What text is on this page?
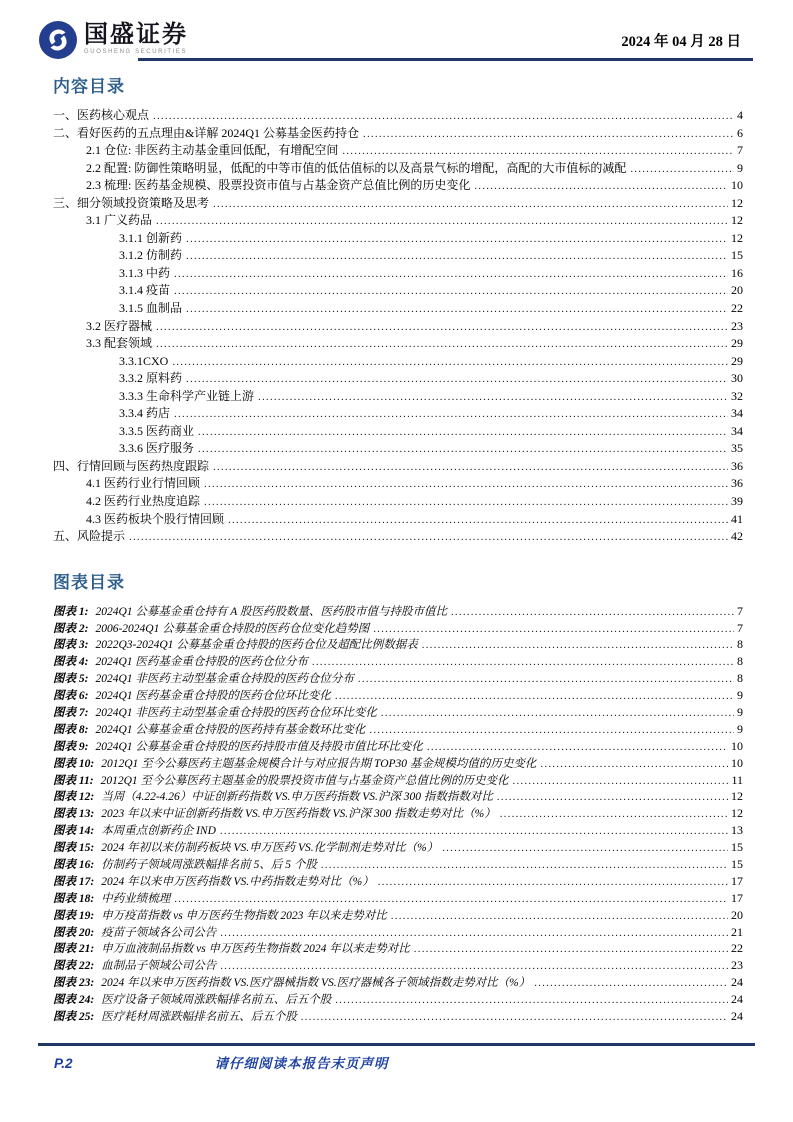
国盛证券
GUOSHENG SECURITIES
2024 年 04 月 28 日
内容目录
一、医药核心观点 .....	4
二、看好医药的五点理由&详解 2024Q1 公募基金医药持仓 .....	6
2.1 仓位: 非医药主动基金重回低配，有增配空间 .....	7
2.2 配置: 防御性策略明显，低配的中等市值的低估值标的以及高景气标的增配，高配的大市值标的减配 .....	9
2.3 梳理: 医药基金规模、股票投资市值与占基金资产总值比例的历史变化 .....	10
三、细分领域投资策略及思考 .....	12
3.1 广义药品 .....	12
3.1.1 创新药 .....	12
3.1.2 仿制药 .....	15
3.1.3 中药 .....	16
3.1.4 疫苗 .....	20
3.1.5 血制品 .....	22
3.2 医疗器械 .....	23
3.3 配套领域 .....	29
3.3.1CXO .....	29
3.3.2 原料药 .....	30
3.3.3 生命科学产业链上游 .....	32
3.3.4 药店 .....	34
3.3.5 医药商业 .....	34
3.3.6 医疗服务 .....	35
四、行情回顾与医药热度跟踪 .....	36
4.1 医药行业行情回顾 .....	36
4.2 医药行业热度追踪 .....	39
4.3 医药板块个股行情回顾 .....	41
五、风险提示 .....	42
图表目录
图表 1: 2024Q1 公募基金重仓持有 A 股医药股数量、医药股市值与持股市值比 .....	7
图表 2: 2006-2024Q1 公募基金重仓持股的医药仓位变化趋势图 .....	7
图表 3: 2022Q3-2024Q1 公募基金重仓持股的医药仓位及超配比例数据表 .....	8
图表 4: 2024Q1 医药基金重仓持股的医药仓位分布 .....	8
图表 5: 2024Q1 非医药主动型基金重仓持股的医药仓位分布 .....	8
图表 6: 2024Q1 医药基金重仓持股的医药仓位环比变化 .....	9
图表 7: 2024Q1 非医药主动型基金重仓持股的医药仓位环比变化 .....	9
图表 8: 2024Q1 公募基金重仓持股的医药持有基金数环比变化 .....	9
图表 9: 2024Q1 公募基金重仓持股的医药持股市值及持股市值比环比变化 .....	10
图表 10: 2012Q1 至今公募医药主题基金规模合计与对应报告期 TOP30 基金规模均值的历史变化 .....	10
图表 11: 2012Q1 至今公募医药主题基金的股票投资市值与占基金资产总值比例的历史变化 .....	11
图表 12: 当周（4.22-4.26）中证创新药指数 VS.申万医药指数 VS.沪深 300 指数指数对比 .....	12
图表 13: 2023 年以来中证创新药指数 VS.申万医药指数 VS.沪深 300 指数走势对比（%） .....	12
图表 14: 本周重点创新药企 IND .....	13
图表 15: 2024 年初以来仿制药板块 VS.申万医药 VS.化学制剂走势对比（%） .....	15
图表 16: 仿制药子领域周涨跌幅排名前 5、后 5 个股 .....	15
图表 17: 2024 年以来申万医药指数 VS.中药指数走势对比（%） .....	17
图表 18: 中药业绩梳理 .....	17
图表 19: 申万疫苗指数 vs 申万医药生物指数 2023 年以来走势对比 .....	20
图表 20: 疫苗子领域各公司公告 .....	21
图表 21: 申万血液制品指数 vs 申万医药生物指数 2024 年以来走势对比 .....	22
图表 22: 血制品子领域公司公告 .....	23
图表 23: 2024 年以来申万医药指数 VS.医疗器械指数 VS.医疗器械各子领域指数走势对比（%） .....	24
图表 24: 医疗设备子领域周涨跌幅排名前五、后五个股 .....	24
图表 25: 医疗耗材周涨跌幅排名前五、后五个股 .....	24
P.2	请仔细阅读本报告末页声明
